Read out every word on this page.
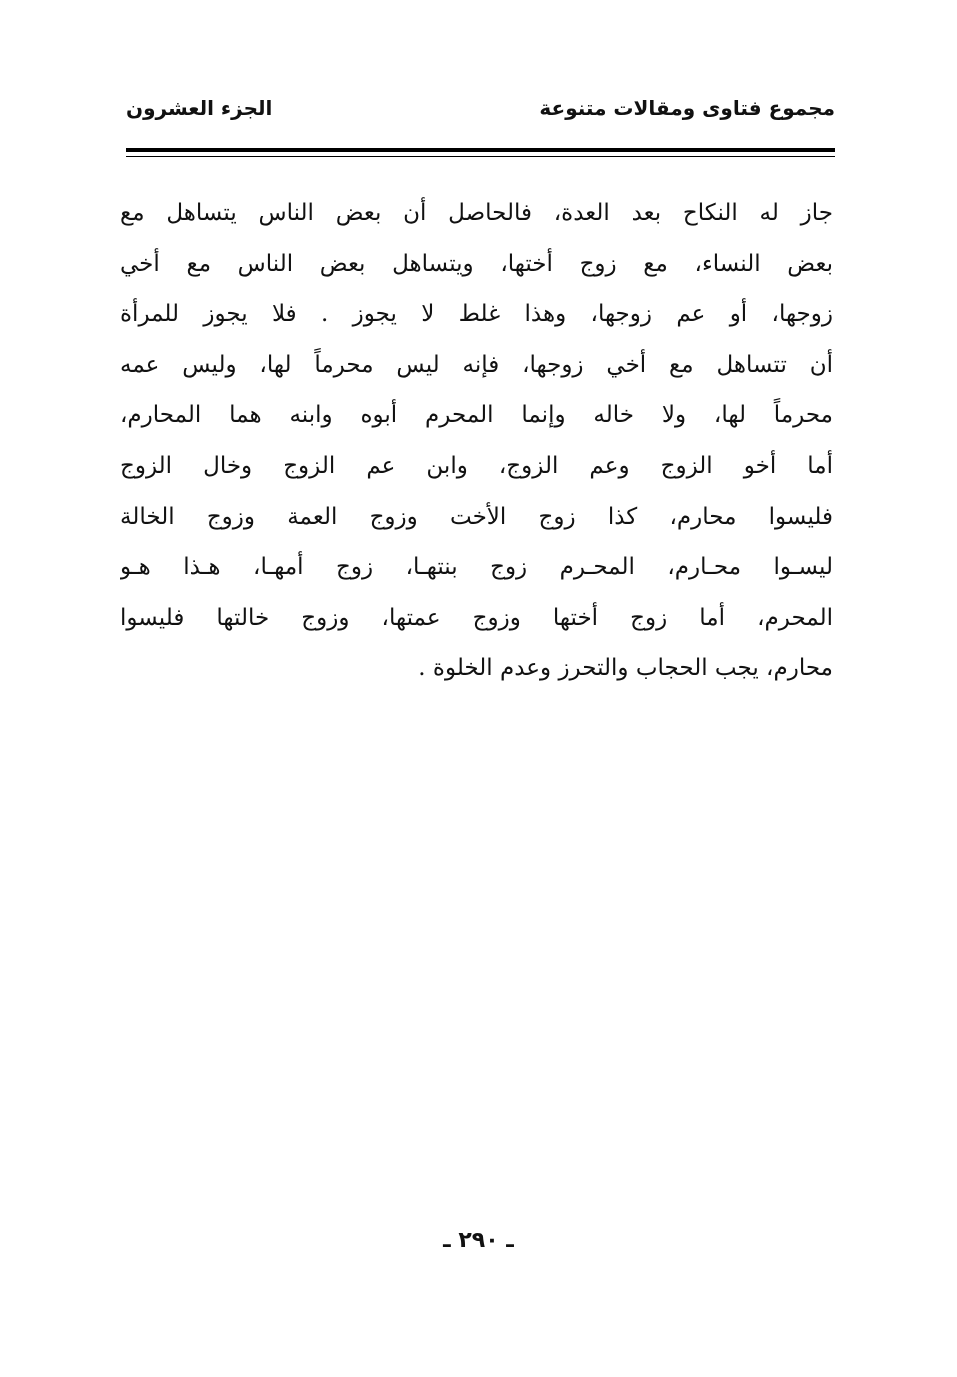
مجموع فتاوى ومقالات متنوعة
الجزء العشرون
جاز له النكاح بعد العدة، فالحاصل أن بعض الناس يتساهل مع
بعض النساء، مع زوج أختها، ويتساهل بعض الناس مع أخي
زوجها، أو عم زوجها، وهذا غلط لا يجوز . فلا يجوز للمرأة
أن تتساهل مع أخي زوجها، فإنه ليس محرماً لها، وليس عمه
محرماً لها، ولا خاله وإنما المحرم أبوه وابنه هما المحارم،
أما أخو الزوج وعم الزوج، وابن عم الزوج وخال الزوج
فليسوا محارم، كذا زوج الأخت وزوج العمة وزوج الخالة
ليسـوا محـارم، المحـرم زوج بنتهـا، زوج أمهـا، هـذا هـو
المحرم، أما زوج أختها وزوج عمتها، وزوج خالتها فليسوا
محارم، يجب الحجاب والتحرز وعدم الخلوة .
ـ ٢٩٠ ـ
